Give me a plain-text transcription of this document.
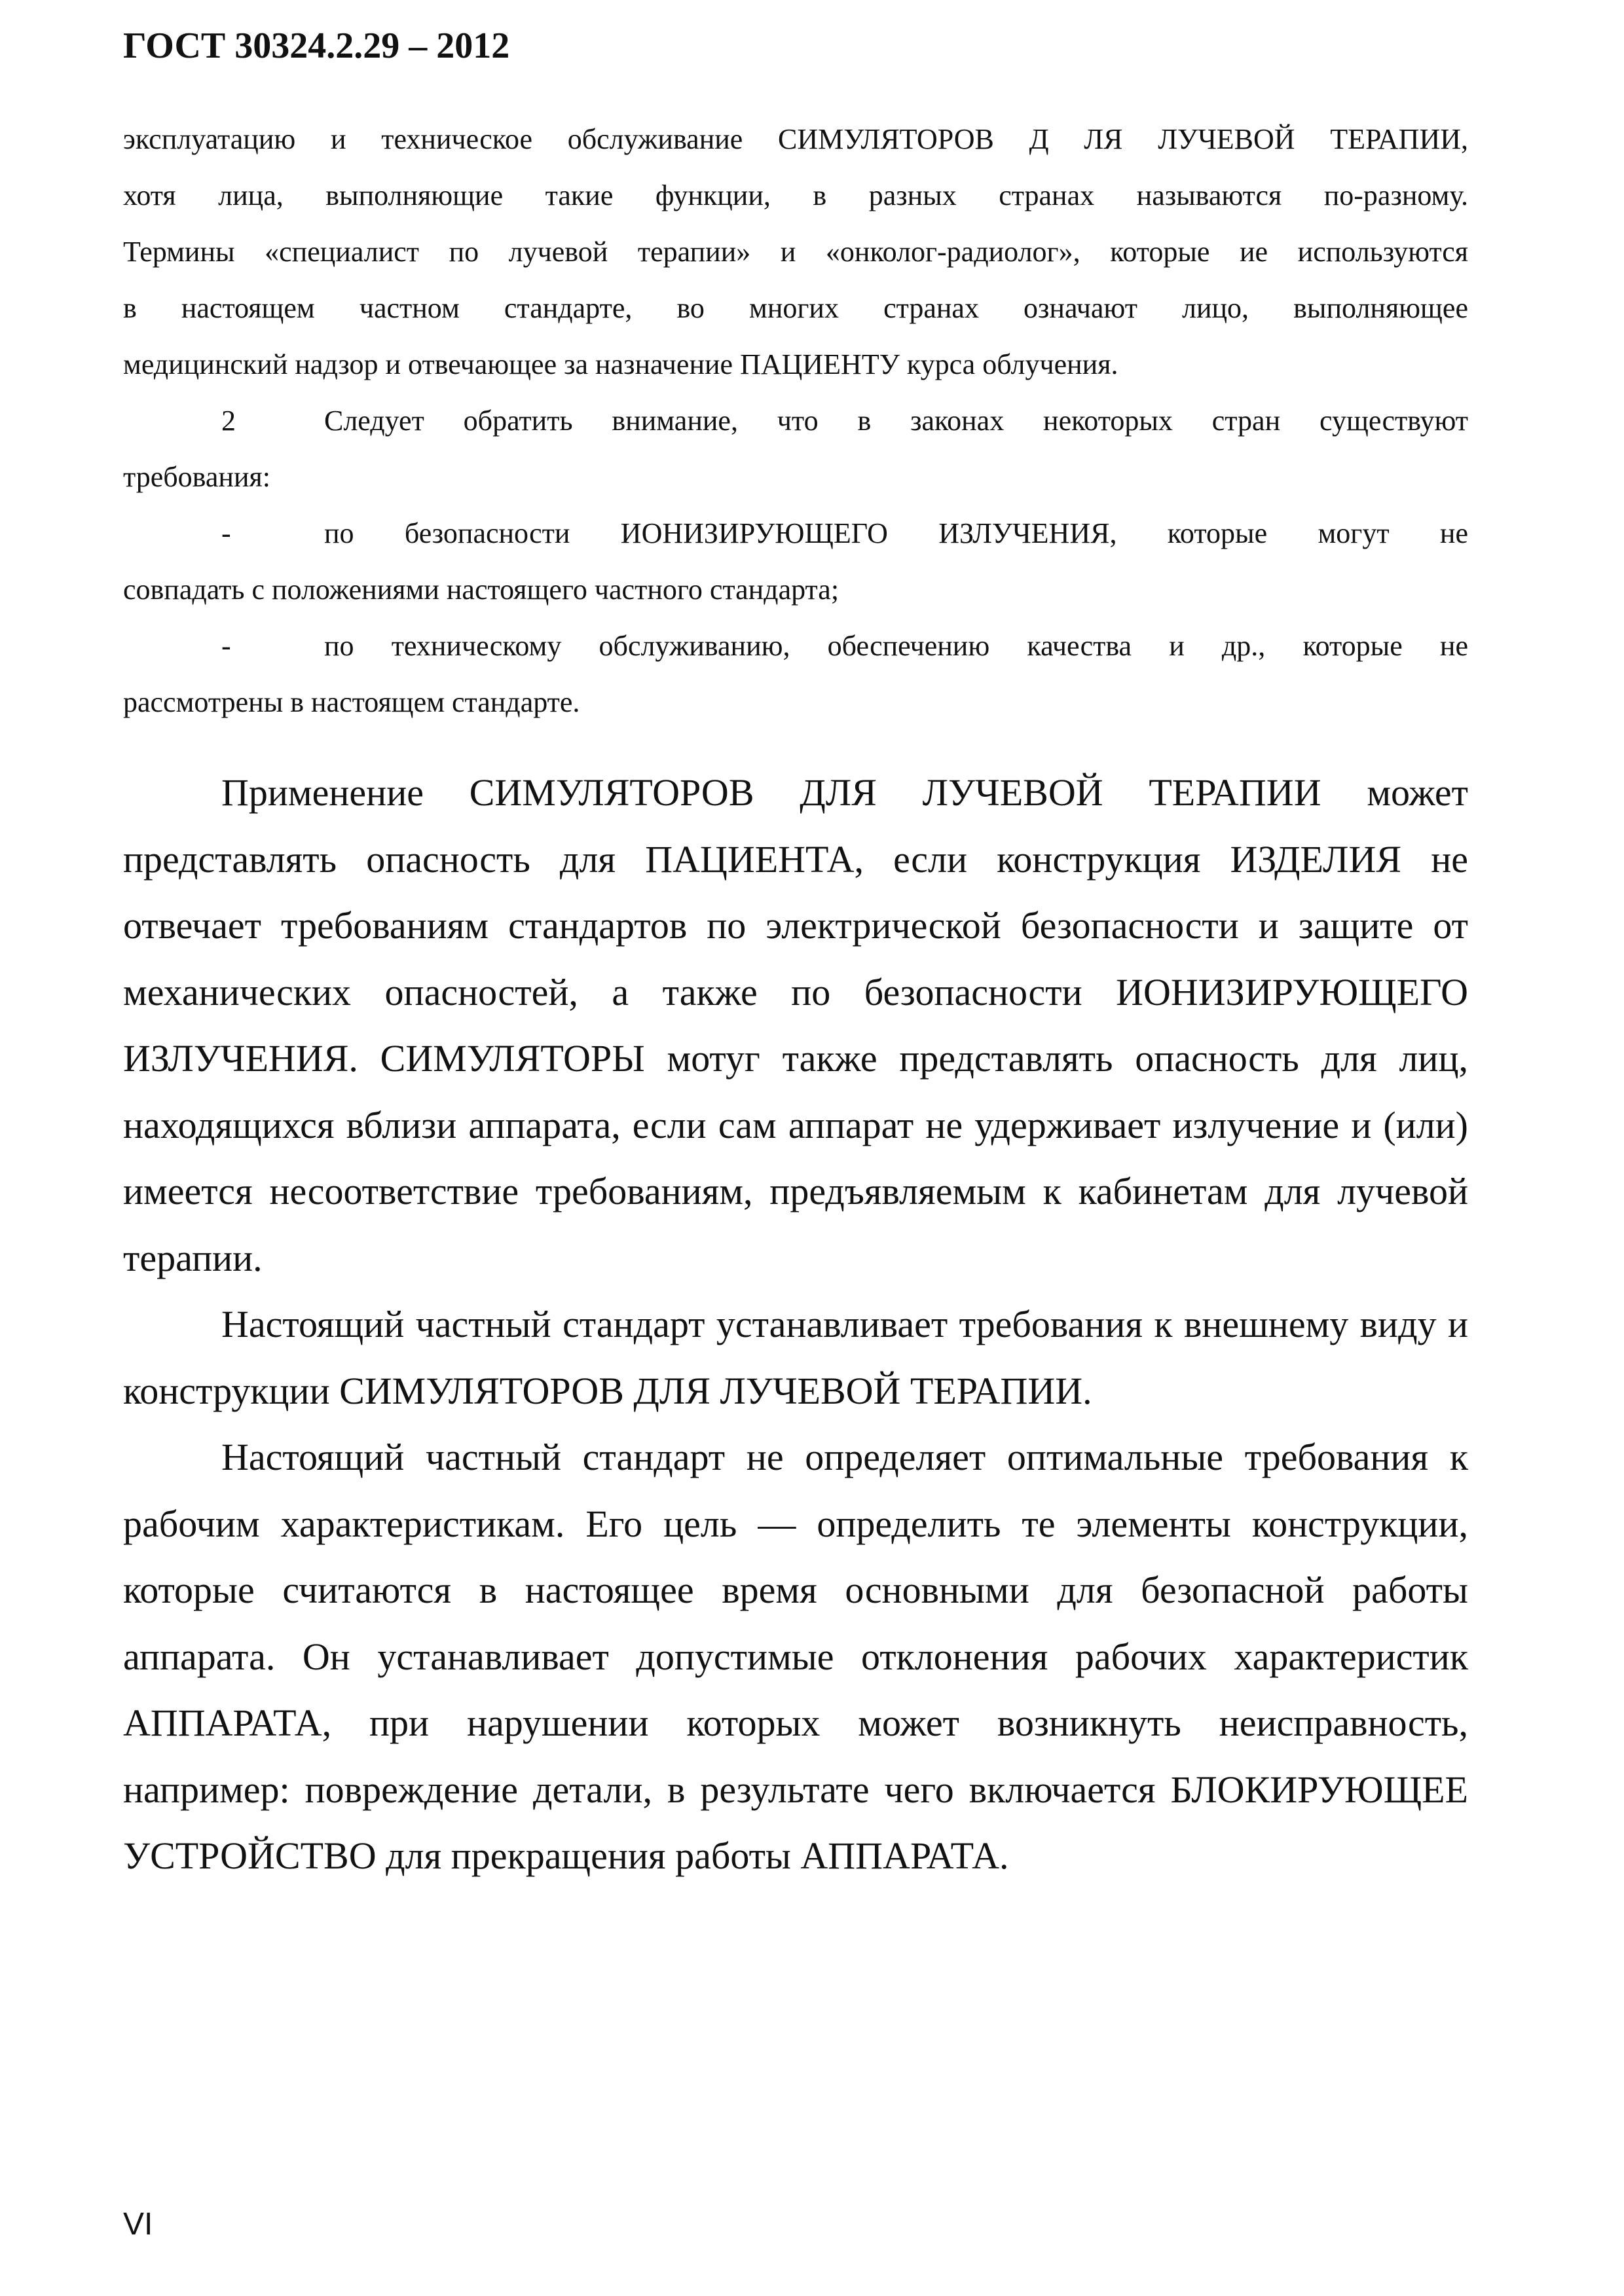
ГОСТ 30324.2.29 – 2012
эксплуатацию и техническое обслуживание СИМУЛЯТОРОВ Д ЛЯ ЛУЧЕВОЙ ТЕРАПИИ,
хотя лица, выполняющие такие функции, в разных странах называются по-разному.
Термины «специалист по лучевой терапии» и «онколог-радиолог», которые ие используются
в настоящем частном стандарте, во многих странах означают лицо, выполняющее
медицинский надзор и отвечающее за назначение ПАЦИЕНТУ курса облучения.
2	Следует обратить внимание, что в законах некоторых стран существуют
требования:
-	по безопасности ИОНИЗИРУЮЩЕГО ИЗЛУЧЕНИЯ, которые могут не
совпадать с положениями настоящего частного стандарта;
-	по техническому обслуживанию, обеспечению качества и др., которые не
рассмотрены в настоящем стандарте.

Применение СИМУЛЯТОРОВ ДЛЯ ЛУЧЕВОЙ ТЕРАПИИ может представлять опасность для ПАЦИЕНТА, если конструкция ИЗДЕЛИЯ не отвечает требованиям стандартов по электрической безопасности и защите от механических опасностей, а также по безопасности ИОНИЗИРУЮЩЕГО ИЗЛУЧЕНИЯ. СИМУЛЯТОРЫ мотуг также представлять опасность для лиц, находящихся вблизи аппарата, если сам аппарат не удерживает излучение и (или) имеется несоответствие требованиям, предъявляемым к кабинетам для лучевой терапии.

Настоящий частный стандарт устанавливает требования к внешнему виду и конструкции СИМУЛЯТОРОВ ДЛЯ ЛУЧЕВОЙ ТЕРАПИИ.

Настоящий частный стандарт не определяет оптимальные требования к рабочим характеристикам. Его цель — определить те элементы конструкции, которые считаются в настоящее время основными для безопасной работы аппарата. Он устанавливает допустимые отклонения рабочих характеристик АППАРАТА, при нарушении которых может возникнуть неисправность, например: повреждение детали, в результате чего включается БЛОКИРУЮЩЕЕ УСТРОЙСТВО для прекращения работы АППАРАТА.

VI
